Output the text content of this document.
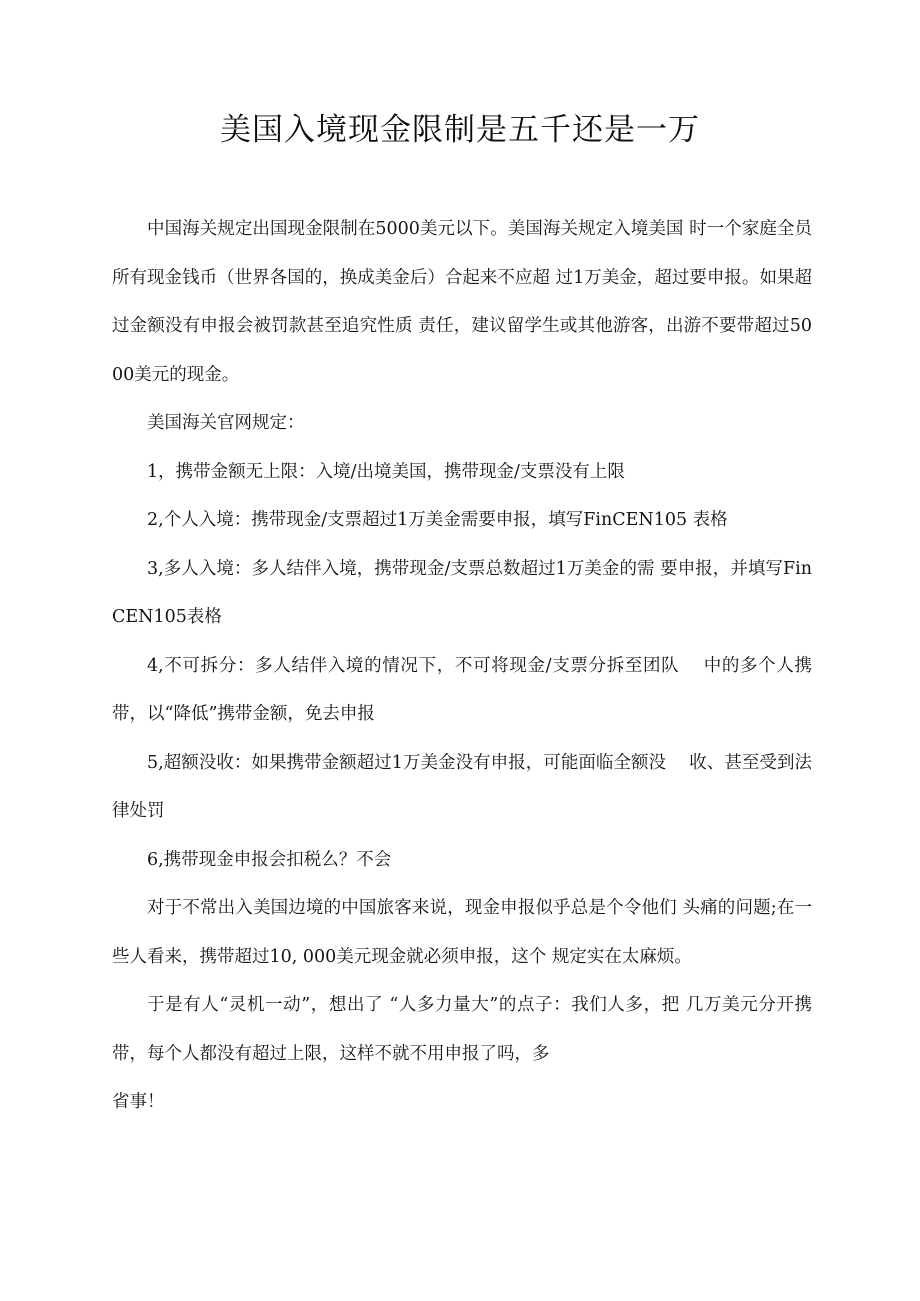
美国入境现金限制是五千还是一万

中国海关规定出国现金限制在5000美元以下。美国海关规定入境美国 时一个家庭全员所有现金钱币（世界各国的，换成美金后）合起来不应超 过1万美金，超过要申报。如果超过金额没有申报会被罚款甚至追究性质 责任，建议留学生或其他游客，出游不要带超过5000美元的现金。

美国海关官网规定：

1，携带金额无上限：入境/出境美国，携带现金/支票没有上限

2,个人入境：携带现金/支票超过1万美金需要申报，填写FinCEN105 表格

3,多人入境：多人结伴入境，携带现金/支票总数超过1万美金的需 要申报，并填写FinCEN105表格

4,不可拆分：多人结伴入境的情况下，不可将现金/支票分拆至团队　 中的多个人携带，以“降低”携带金额，免去申报

5,超额没收：如果携带金额超过1万美金没有申报，可能面临全额没　 收、甚至受到法律处罚

6,携带现金申报会扣税么？不会

对于不常出入美国边境的中国旅客来说，现金申报似乎总是个令他们 头痛的问题;在一些人看来，携带超过10, 000美元现金就必须申报，这个 规定实在太麻烦。

于是有人“灵机一动”，想出了 “人多力量大”的点子：我们人多，把 几万美元分开携带，每个人都没有超过上限，这样不就不用申报了吗，多

省事！
